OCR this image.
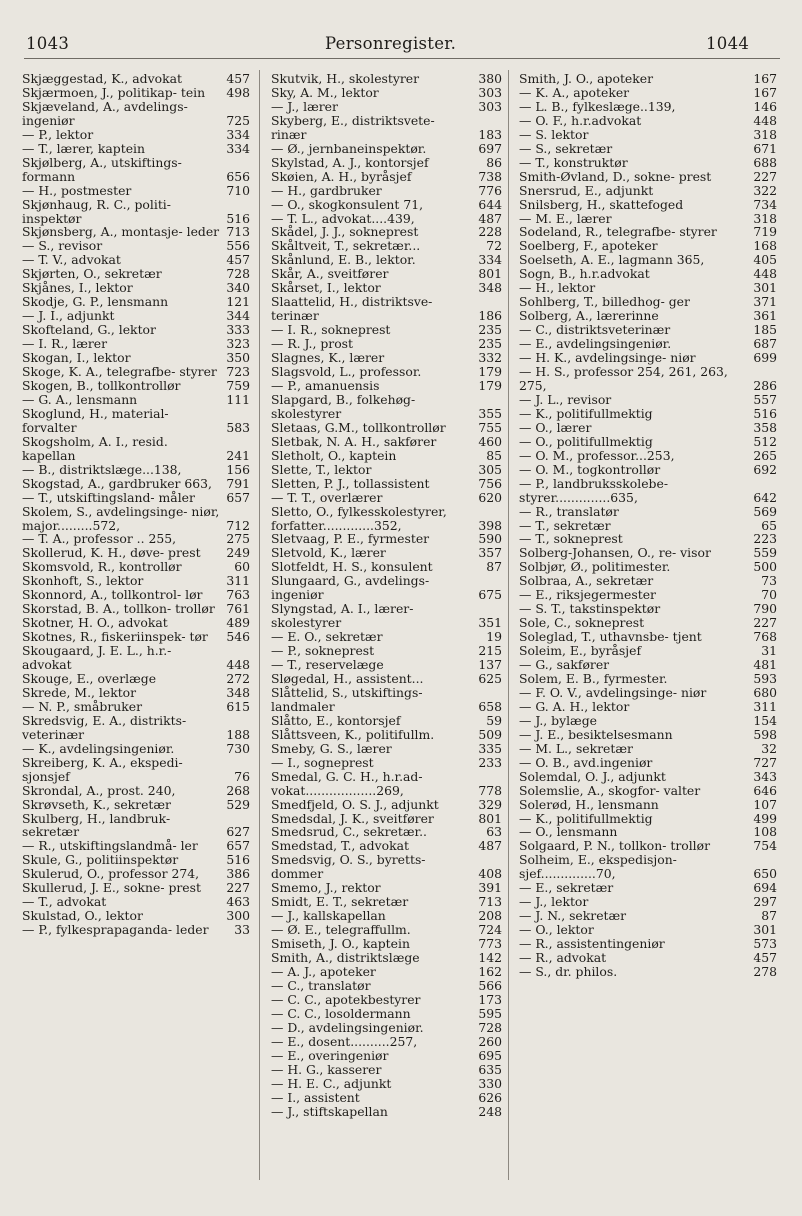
1043	Personregister.	1044
Skjæggestad, K., advokat	457
Skjærmoen, J., politikap- tein 498
Skjæveland, A., avdelings- ingeniør	725
— P., lektor	334
— T., lærer, kaptein	334
Skjølberg, A., utskiftings- formann	656
— H., postmester	710
Skjønhaug, R. C., politi- inspektør	516
Skjønsberg, A., montasje- leder 713
— S., revisor	556
— T. V., advokat	457
Skjørten, O., sekretær	728
Skjånes, I., lektor	340
Skodje, G. P., lensmann	121
— J. I., adjunkt	344
Skofteland, G., lektor	333
— I. R., lærer	323
Skogan, I., lektor	350
Skoge, K. A., telegrafbe- styrer 723
Skogen, B., tollkontrollør	759
— G. A., lensmann	111
Skoglund, H., material- forvalter	583
Skogsholm, A. I., resid. kapellan	241
— B., distriktslæge...138,	156
Skogstad, A., gardbruker 663, 791
— T., utskiftingsland- måler	657
Skolem, S., avdelingsinge- niør, major.........572,	712
— T. A., professor .. 255,	275
Skollerud, K. H., døve- prest 249
Skomsvold, R., kontrollør	60
Skonhoft, S., lektor	311
Skonnord, A., tollkontrol- lør 763
Skorstad, B. A., tollkon- trollør 761
Skotner, H. O., advokat	489
Skotnes, R., fiskeriinspek- tør 546
Skougaard, J. E. L., h.r.- advokat	448
Skouge, E., overlæge	272
Skrede, M., lektor	348
— N. P., småbruker	615
Skredsvig, E. A., distrikts- veterinær	188
— K., avdelingsingeniør.	730
Skreiberg, K. A., ekspedi- sjonsjef	76
Skrondal, A., prost. 240,	268
Skrøvseth, K., sekretær	529
Skulberg, H., landbruk- sekretær	627
— R., utskiftingslandmå- ler 657
Skule, G., politiinspektør	516
Skulerud, O., professor 274, 386
Skullerud, J. E., sokne- prest 227
— T., advokat	463
Skulstad, O., lektor	300
— P., fylkesprapaganda- leder 33
Skutvik, H., skolestyrer	380
Sky, A. M., lektor	303
— J., lærer	303
Skyberg, E., distriktsvete- rinær	183
— Ø., jernbaneinspektør.	697
Skylstad, A. J., kontorsjef	86
Skøien, A. H., byråsjef	738
— H., gardbruker	776
— O., skogkonsulent 71,	644
— T. L., advokat....439,	487
Skådel, J. J., sokneprest	228
Skåltveit, T., sekretær...	72
Skånlund, E. B., lektor.	334
Skår, A., sveitfører	801
Skårset, I., lektor	348
Slaattelid, H., distriktsve- terinær	186
— I. R., sokneprest	235
— R. J., prost	235
Slagnes, K., lærer	332
Slagsvold, L., professor.	179
— P., amanuensis	179
Slapgard, B., folkehøg- skolestyrer	355
Sletaas, G.M., tollkontrollør	755
Sletbak, N. A. H., sakfører	460
Sletholt, O., kaptein	85
Slette, T., lektor	305
Sletten, P. J., tollassistent	756
— T. T., overlærer	620
Sletto, O., fylkesskolestyrer, forfatter.............352,	398
Sletvaag, P. E., fyrmester	590
Sletvold, K., lærer	357
Slotfeldt, H. S., konsulent	87
Slungaard, G., avdelings- ingeniør	675
Slyngstad, A. I., lærer- skolestyrer	351
— E. O., sekretær	19
— P., sokneprest	215
— T., reservelæge	137
Sløgedal, H., assistent...	625
Slåttelid, S., utskiftings- landmaler	658
Slåtto, E., kontorsjef	59
Slåttsveen, K., politifullm.	509
Smeby, G. S., lærer	335
— I., sogneprest	233
Smedal, G. C. H., h.r.ad- vokat..................269,	778
Smedfjeld, O. S. J., adjunkt	329
Smedsdal, J. K., sveitfører	801
Smedsrud, C., sekretær..	63
Smedstad, T., advokat	487
Smedsvig, O. S., byretts- dommer	408
Smemo, J., rektor	391
Smidt, E. T., sekretær	713
— J., kallskapellan	208
— Ø. E., telegraffullm.	724
Smiseth, J. O., kaptein	773
Smith, A., distriktslæge	142
— A. J., apoteker	162
— C., translatør	566
— C. C., apotekbestyrer	173
— C. C., losoldermann	595
— D., avdelingsingeniør.	728
— E., dosent..........257,	260
— E., overingeniør	695
— H. G., kasserer	635
— H. E. C., adjunkt	330
— I., assistent	626
— J., stiftskapellan	248
Smith, J. O., apoteker	167
— K. A., apoteker	167
— L. B., fylkeslæge..139,	146
— O. F., h.r.advokat	448
— S. lektor	318
— S., sekretær	671
— T., konstruktør	688
Smith-Øvland, D., sokne- prest	227
Snersrud, E., adjunkt	322
Snilsberg, H., skattefoged	734
— M. E., lærer	318
Sodeland, R., telegrafbe- styrer	719
Soelberg, F., apoteker	168
Soelseth, A. E., lagmann 365,	405
Sogn, B., h.r.advokat	448
— H., lektor	301
Sohlberg, T., billedhog- ger	371
Solberg, A., lærerinne	361
— C., distriktsveterinær	185
— E., avdelingsingeniør.	687
— H. K., avdelingsinge- niør	699
— H. S., professor 254, 261, 263, 275,	286
— J. L., revisor	557
— K., politifullmektig	516
— O., lærer	358
— O., politifullmektig	512
— O. M., professor...253,	265
— O. M., togkontrollør	692
— P., landbruksskolebe- styrer..............635,	642
— R., translatør	569
— T., sekretær	65
— T., sokneprest	223
Solberg-Johansen, O., re- visor	559
Solbjør, Ø., politimester.	500
Solbraa, A., sekretær	73
— E., riksjegermester	70
— S. T., takstinspektør	790
Sole, C., sokneprest	227
Soleglad, T., uthavnsbe- tjent	768
Soleim, E., byråsjef	31
— G., sakfører	481
Solem, E. B., fyrmester.	593
— F. O. V., avdelingsinge- niør	680
— G. A. H., lektor	311
— J., bylæge	154
— J. E., besiktelsesmann	598
— M. L., sekretær	32
— O. B., avd.ingeniør	727
Solemdal, O. J., adjunkt	343
Solemslie, A., skogfor- valter	646
Solerød, H., lensmann	107
— K., politifullmektig	499
— O., lensmann	108
Solgaard, P. N., tollkon- trollør	754
Solheim, E., ekspedisjon- sjef..............70,	650
— E., sekretær	694
— J., lektor	297
— J. N., sekretær	87
— O., lektor	301
— R., assistentingeniør	573
— R., advokat	457
— S., dr. philos.	278
